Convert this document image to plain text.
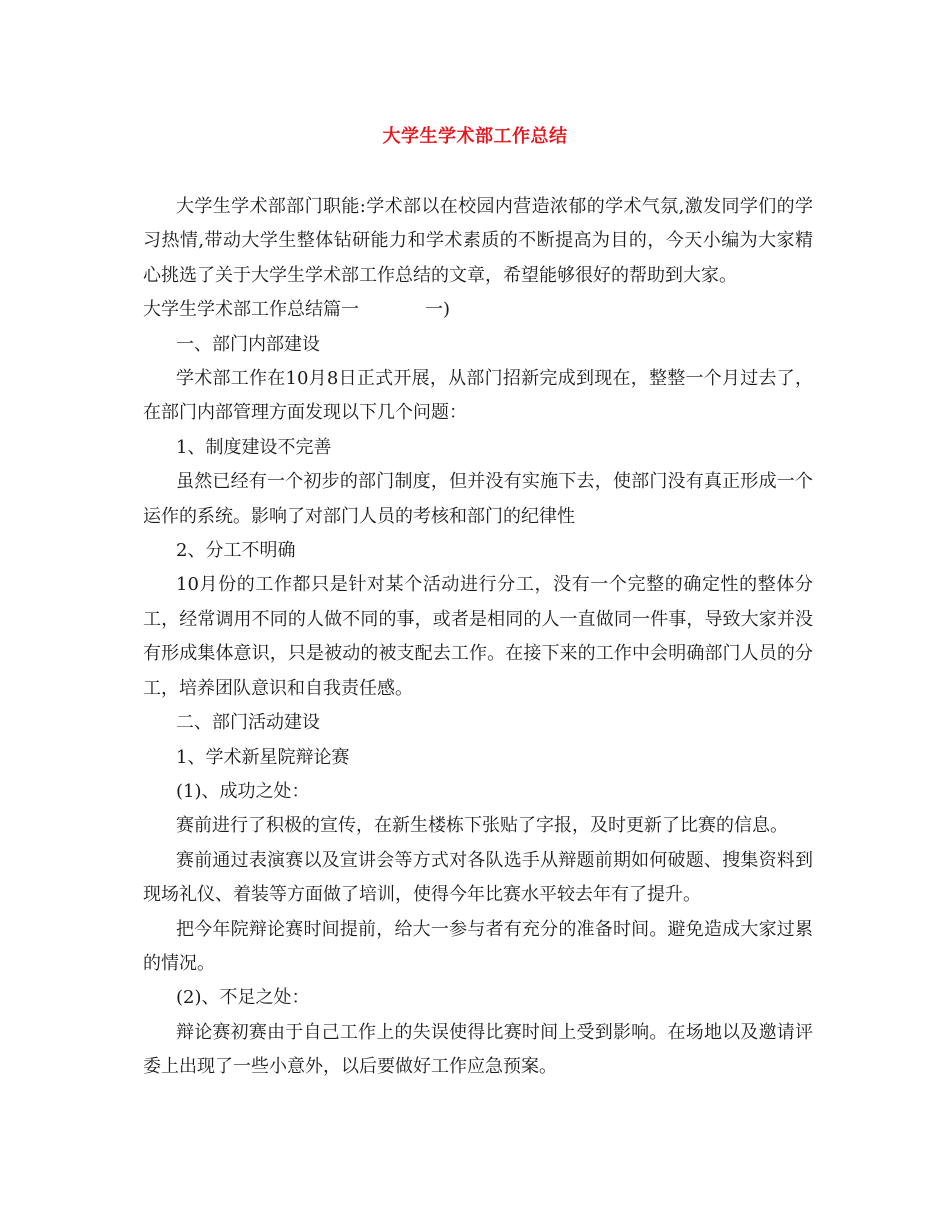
大学生学术部工作总结

大学生学术部部门职能:学术部以在校园内营造浓郁的学术气氛,激发同学们的学习热情,带动大学生整体钻研能力和学术素质的不断提高为目的，今天小编为大家精心挑选了关于大学生学术部工作总结的文章，希望能够很好的帮助到大家。

大学生学术部工作总结篇一	一)

一、部门内部建设

学术部工作在10月8日正式开展，从部门招新完成到现在，整整一个月过去了，在部门内部管理方面发现以下几个问题：

1、制度建设不完善

虽然已经有一个初步的部门制度，但并没有实施下去，使部门没有真正形成一个运作的系统。影响了对部门人员的考核和部门的纪律性

2、分工不明确

10月份的工作都只是针对某个活动进行分工，没有一个完整的确定性的整体分工，经常调用不同的人做不同的事，或者是相同的人一直做同一件事，导致大家并没有形成集体意识，只是被动的被支配去工作。在接下来的工作中会明确部门人员的分工，培养团队意识和自我责任感。

二、部门活动建设

1、学术新星院辩论赛

(1)、成功之处：

赛前进行了积极的宣传，在新生楼栋下张贴了字报，及时更新了比赛的信息。

赛前通过表演赛以及宣讲会等方式对各队选手从辩题前期如何破题、搜集资料到现场礼仪、着装等方面做了培训，使得今年比赛水平较去年有了提升。

把今年院辩论赛时间提前，给大一参与者有充分的准备时间。避免造成大家过累的情况。

(2)、不足之处：

辩论赛初赛由于自己工作上的失误使得比赛时间上受到影响。在场地以及邀请评委上出现了一些小意外，以后要做好工作应急预案。
